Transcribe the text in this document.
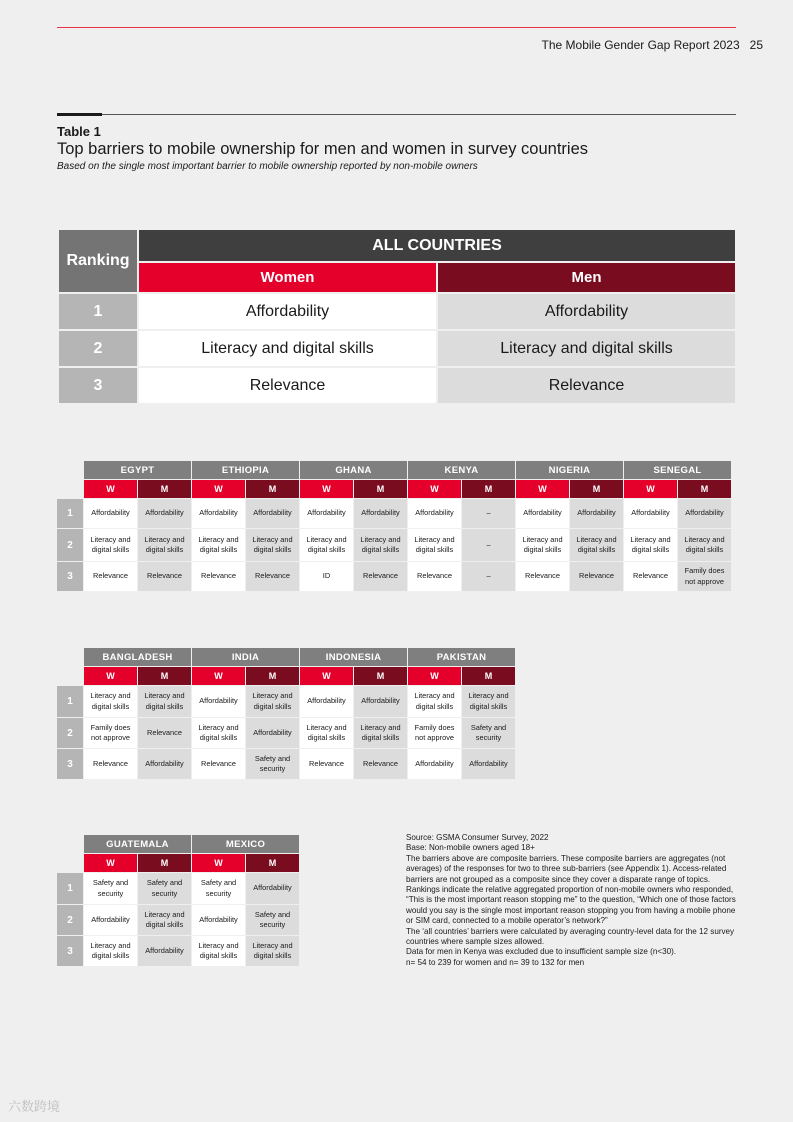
The Mobile Gender Gap Report 2023 25
Table 1
Top barriers to mobile ownership for men and women in survey countries
Based on the single most important barrier to mobile ownership reported by non-mobile owners
Ranking	ALL COUNTRIES	
	Women	Men
1	Affordability	Affordability
2	Literacy and digital skills	Literacy and digital skills
3	Relevance	Relevance
	EGYPT		ETHIOPIA		GHANA		KENYA		NIGERIA		SENEGAL	
	W	M	W	M	W	M	W	M	W	M	W	M
1	Affordability	Affordability	Affordability	Affordability	Affordability	Affordability	Affordability	–	Affordability	Affordability	Affordability	Affordability
2	Literacy and
digital skills	Literacy and
digital skills	Literacy and
digital skills	Literacy and
digital skills	Literacy and
digital skills	Literacy and
digital skills	Literacy and
digital skills	–	Literacy and
digital skills	Literacy and
digital skills	Literacy and
digital skills	Literacy and
digital skills
3	Relevance	Relevance	Relevance	Relevance	ID	Relevance	Relevance	–	Relevance	Relevance	Relevance	Family does
not approve
	BANGLADESH		INDIA		INDONESIA		PAKISTAN	
	W	M	W	M	W	M	W	M
1	Literacy and
digital skills	Literacy and
digital skills	Affordability	Literacy and
digital skills	Affordability	Affordability	Literacy and
digital skills	Literacy and
digital skills
2	Family does
not approve	Relevance	Literacy and
digital skills	Affordability	Literacy and
digital skills	Literacy and
digital skills	Family does
not approve	Safety and
security
3	Relevance	Affordability	Relevance	Safety and
security	Relevance	Relevance	Affordability	Affordability
	GUATEMALA		MEXICO	
	W	M	W	M
1	Safety and
security	Safety and
security	Safety and
security	Affordability
2	Affordability	Literacy and
digital skills	Affordability	Safety and
security
3	Literacy and
digital skills	Affordability	Literacy and
digital skills	Literacy and
digital skills

Source: GSMA Consumer Survey, 2022

Base: Non-mobile owners aged 18+

The barriers above are composite barriers. These composite barriers are aggregates (not averages) of the responses for two to three sub-barriers (see Appendix 1). Access-related barriers are not grouped as a composite since they cover a disparate range of topics. Rankings indicate the relative aggregated proportion of non-mobile owners who responded, “This is the most important reason stopping me” to the question, “Which one of those factors would you say is the single most important reason stopping you from having a mobile phone or SIM card, connected to a mobile operator’s network?”

The ‘all countries’ barriers were calculated by averaging country-level data for the 12 survey countries where sample sizes allowed.

Data for men in Kenya was excluded due to insufficient sample size (n<30).

n= 54 to 239 for women and n= 39 to 132 for men

六数跨境
